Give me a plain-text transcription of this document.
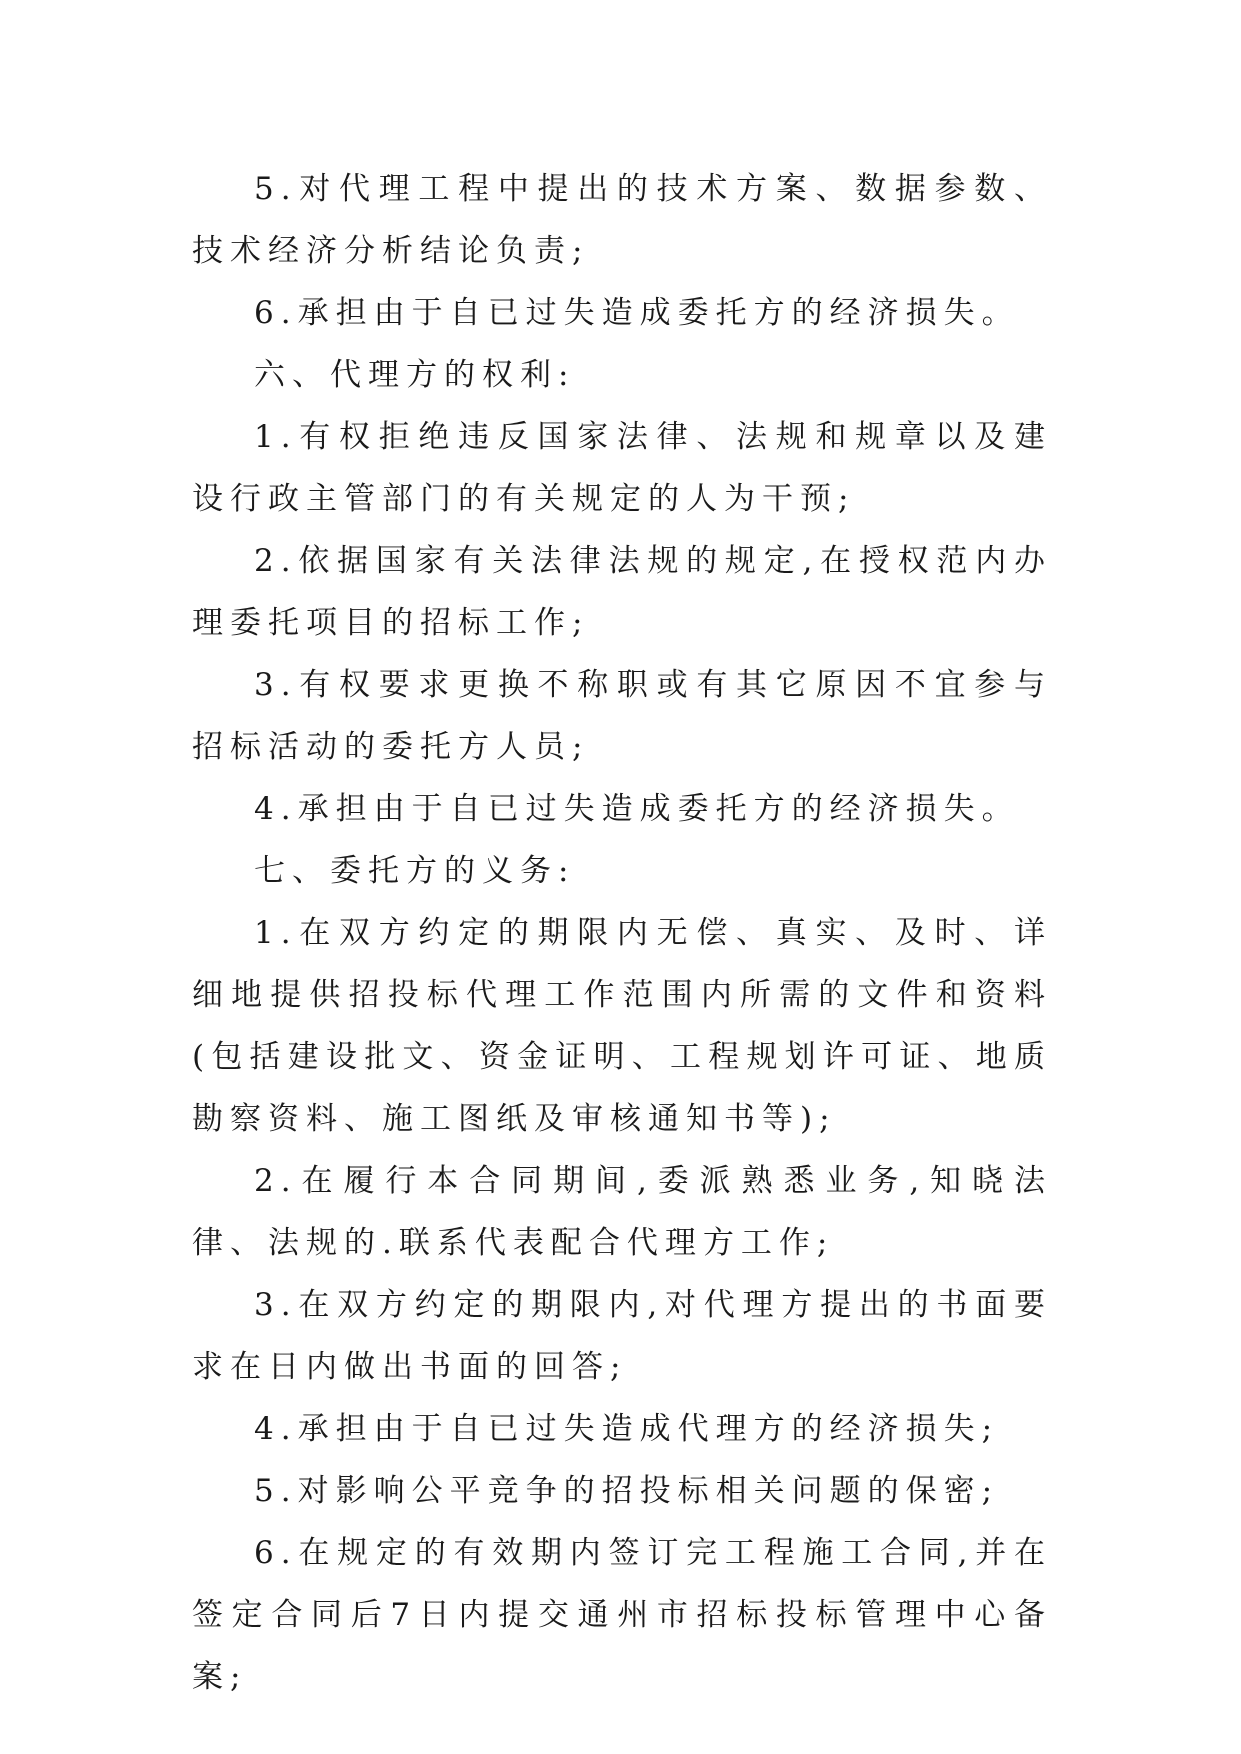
5.对代理工程中提出的技术方案、数据参数、技术经济分析结论负责;

6.承担由于自已过失造成委托方的经济损失。

六、代理方的权利:

1.有权拒绝违反国家法律、法规和规章以及建设行政主管部门的有关规定的人为干预;

2.依据国家有关法律法规的规定,在授权范内办理委托项目的招标工作;

3.有权要求更换不称职或有其它原因不宜参与招标活动的委托方人员;

4.承担由于自已过失造成委托方的经济损失。

七、委托方的义务:

1.在双方约定的期限内无偿、真实、及时、详细地提供招投标代理工作范围内所需的文件和资料(包括建设批文、资金证明、工程规划许可证、地质勘察资料、施工图纸及审核通知书等);

2.在履行本合同期间,委派熟悉业务,知晓法律、法规的.联系代表配合代理方工作;

3.在双方约定的期限内,对代理方提出的书面要求在日内做出书面的回答;

4.承担由于自已过失造成代理方的经济损失;

5.对影响公平竞争的招投标相关问题的保密;

6.在规定的有效期内签订完工程施工合同,并在签定合同后7日内提交通州市招标投标管理中心备案;
